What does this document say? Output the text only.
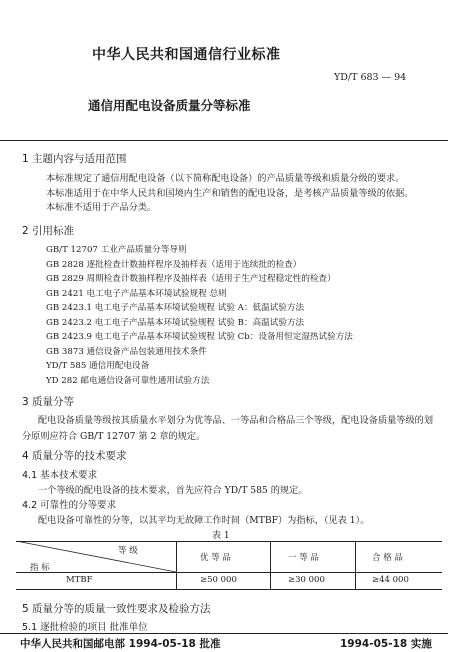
中华人民共和国通信行业标准
YD/T 683 — 94
通信用配电设备质量分等标准
1 主题内容与适用范围
本标准规定了通信用配电设备（以下简称配电设备）的产品质量等级和质量分级的要求。
本标准适用于在中华人民共和国境内生产和销售的配电设备，是考核产品质量等级的依据。
本标准不适用于产品分类。
2 引用标准
GB/T 12707 工业产品质量分等导则
GB 2828 逐批检查计数抽样程序及抽样表（适用于连续批的检查）
GB 2829 周期检查计数抽样程序及抽样表（适用于生产过程稳定性的检查）
GB 2421 电工电子产品基本环境试验规程 总则
GB 2423.1 电工电子产品基本环境试验规程 试验 A：低温试验方法
GB 2423.2 电工电子产品基本环境试验规程 试验 B：高温试验方法
GB 2423.9 电工电子产品基本环境试验规程 试验 Cb：设备用恒定湿热试验方法
GB 3873 通信设备产品包装通用技术条件
YD/T 585 通信用配电设备
YD 282 邮电通信设备可靠性通用试验方法
3 质量分等
配电设备质量等级按其质量水平划分为优等品、一等品和合格品三个等级，配电设备质量等级的划
分原则应符合 GB/T 12707 第 2 章的规定。
4 质量分等的技术要求
4.1 基本技术要求
一个等级的配电设备的技术要求，首先应符合 YD/T 585 的规定。
4.2 可靠性的分等要求
配电设备可靠性的分等，以其平均无故障工作时间（MTBF）为指标，（见表 1）。
表 1
等 级
指 标
优 等 品	一 等 品	合 格 品
MTBF	≥50 000	≥30 000	≥44 000
5 质量分等的质量一致性要求及检验方法
5.1 逐批检验的项目 批准单位
中华人民共和国邮电部 1994-05-18 批准	1994-05-18 实施
